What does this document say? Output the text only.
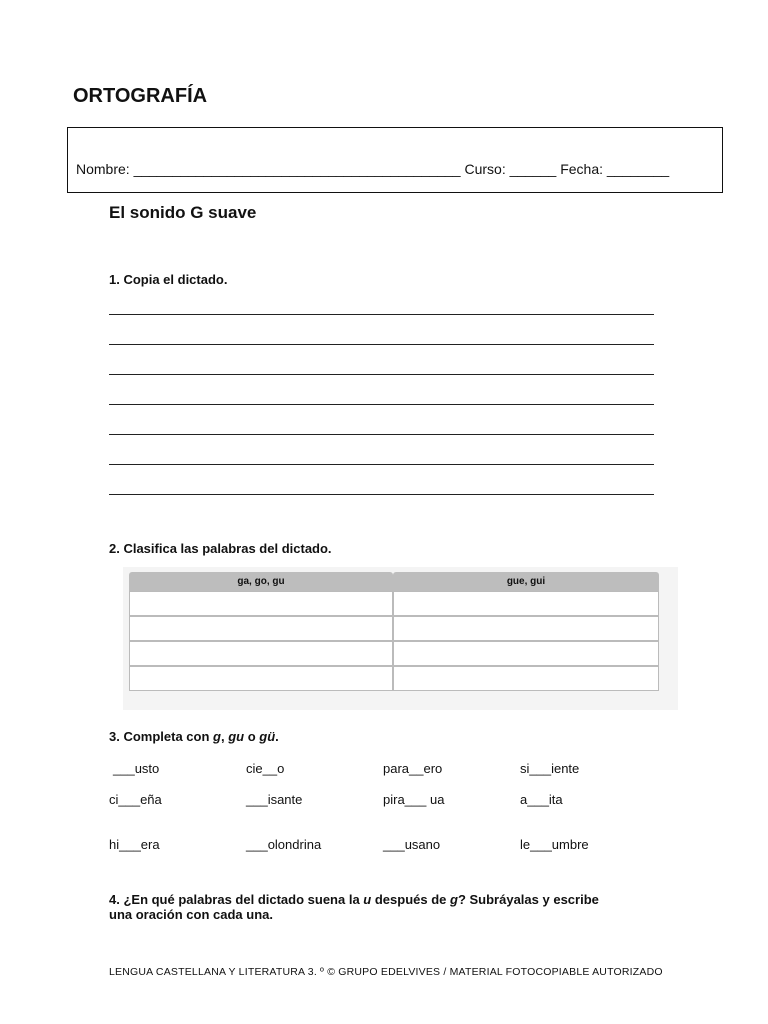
ORTOGRAFÍA
Nombre: __________________________________________ Curso: ______ Fecha: ________
El sonido G suave
1. Copia el dictado.
2. Clasifica las palabras del dictado.
ga, go, gu	gue, gui

3. Completa con g, gu o gü.
___usto	cie__o	para__ero	si___iente
ci___eña	___isante	pira___ ua	a___ita
hi___era	___olondrina	___usano	le___umbre
4. ¿En qué palabras del dictado suena la u después de g? Subráyalas y escribe
una oración con cada una.
LENGUA CASTELLANA Y LITERATURA 3. º © GRUPO EDELVIVES / MATERIAL FOTOCOPIABLE AUTORIZADO
